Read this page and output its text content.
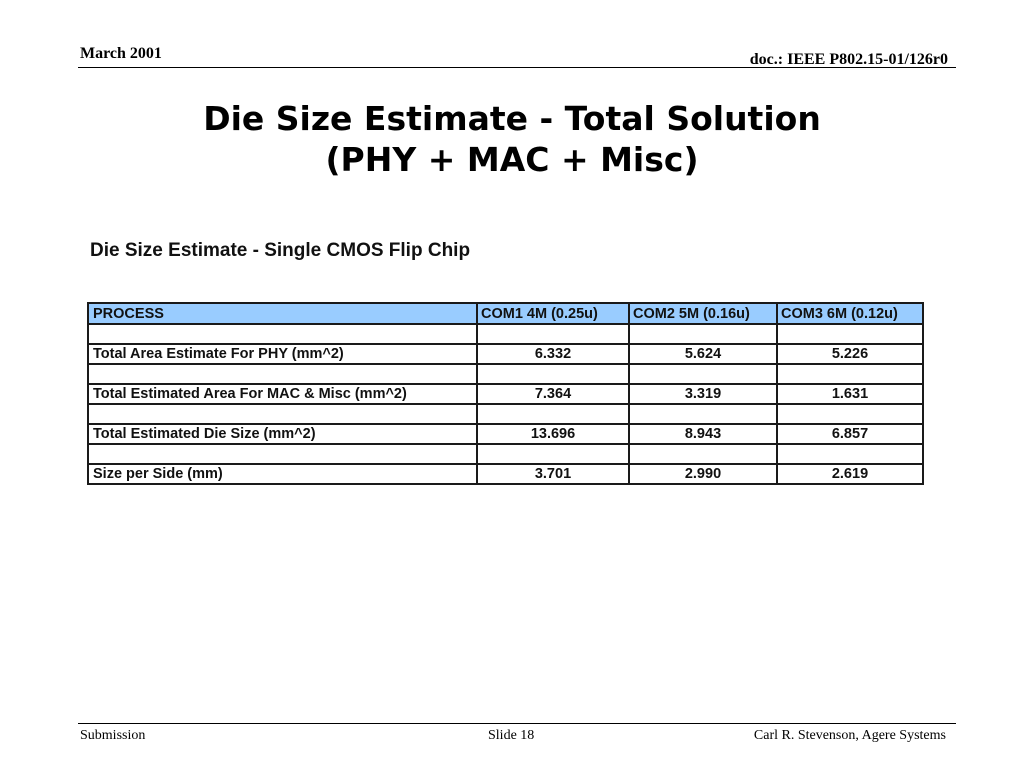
March 2001	doc.: IEEE P802.15-01/126r0
Die Size Estimate - Total Solution
(PHY + MAC + Misc)
Die Size Estimate - Single CMOS Flip Chip
PROCESS	COM1 4M (0.25u)	COM2 5M (0.16u)	COM3 6M (0.12u)

Total Area Estimate For PHY (mm^2)	6.332	5.624	5.226

Total Estimated Area For MAC & Misc (mm^2)	7.364	3.319	1.631

Total Estimated Die Size (mm^2)	13.696	8.943	6.857

Size per Side (mm)	3.701	2.990	2.619
Submission	Slide 18	Carl R. Stevenson, Agere Systems
